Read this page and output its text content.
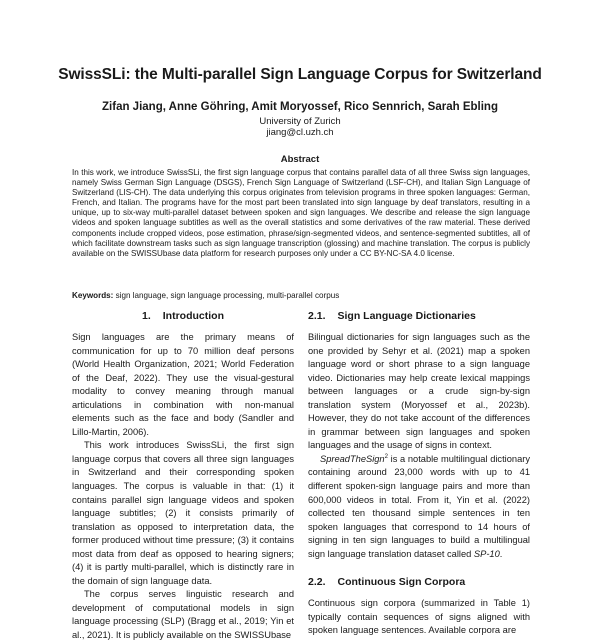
SwissSLi: the Multi-parallel Sign Language Corpus for Switzerland
Zifan Jiang, Anne Göhring, Amit Moryossef, Rico Sennrich, Sarah Ebling
University of Zurich
jiang@cl.uzh.ch
Abstract

In this work, we introduce SwissSLi, the first sign language corpus that contains parallel data of all three Swiss sign languages, namely Swiss German Sign Language (DSGS), French Sign Language of Switzerland (LSF-CH), and Italian Sign Language of Switzerland (LIS-CH). The data underlying this corpus originates from television programs in three spoken languages: German, French, and Italian. The programs have for the most part been translated into sign language by deaf translators, resulting in a unique, up to six-way multi-parallel dataset between spoken and sign languages. We describe and release the sign language videos and spoken language subtitles as well as the overall statistics and some derivatives of the raw material. These derived components include cropped videos, pose estimation, phrase/sign-segmented videos, and sentence-segmented subtitles, all of which facilitate downstream tasks such as sign language transcription (glossing) and machine translation. The corpus is publicly available on the SWISSUbase data platform for research purposes only under a CC BY-NC-SA 4.0 license.

Keywords: sign language, sign language processing, multi-parallel corpus

1. Introduction

Sign languages are the primary means of communication for up to 70 million deaf persons (World Health Organization, 2021; World Federation of the Deaf, 2022). They use the visual-gestural modality to convey meaning through manual articulations in combination with non-manual elements such as the face and body (Sandler and Lillo-Martin, 2006).

This work introduces SwissSLi, the first sign language corpus that covers all three sign languages in Switzerland and their corresponding spoken languages. The corpus is valuable in that: (1) it contains parallel sign language videos and spoken language subtitles; (2) it consists primarily of translation as opposed to interpretation data, the former produced without time pressure; (3) it contains most data from deaf as opposed to hearing signers; (4) it is partly multi-parallel, which is distinctly rare in the domain of sign language data.

The corpus serves linguistic research and development of computational models in sign language processing (SLP) (Bragg et al., 2019; Yin et al., 2021). It is publicly available on the SWISSUbase

2.1. Sign Language Dictionaries

Bilingual dictionaries for sign languages such as the one provided by Sehyr et al. (2021) map a spoken language word or short phrase to a sign language video. Dictionaries may help create lexical mappings between languages or a crude sign-by-sign translation system (Moryossef et al., 2023b). However, they do not take account of the differences in grammar between sign languages and spoken languages and the usage of signs in context.

SpreadTheSign$^2$ is a notable multilingual dictionary containing around 23,000 words with up to 41 different spoken-sign language pairs and more than 600,000 videos in total. From it, Yin et al. (2022) collected ten thousand simple sentences in ten spoken languages that correspond to 14 hours of signing in ten sign languages to build a multilingual sign language translation dataset called SP-10.

2.2. Continuous Sign Corpora

Continuous sign corpora (summarized in Table 1) typically contain sequences of signs aligned with spoken language sentences. Available corpora are
